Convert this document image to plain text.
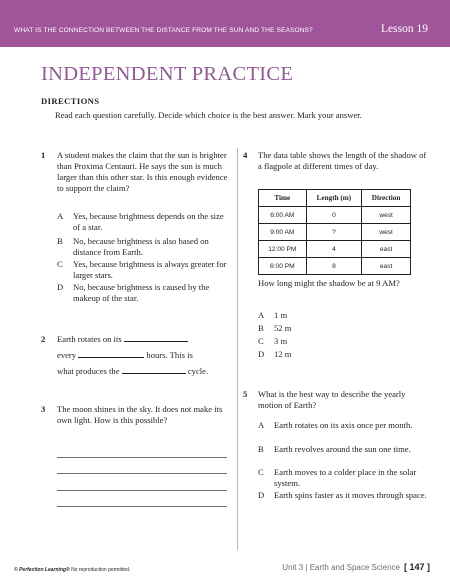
WHAT IS THE CONNECTION BETWEEN THE DISTANCE FROM THE SUN AND THE SEASONS?	Lesson 19
INDEPENDENT PRACTICE
DIRECTIONS
Read each question carefully. Decide which choice is the best answer. Mark your answer.
1 A student makes the claim that the sun is brighter than Proxima Centauri. He says the sun is much larger than this other star. Is this enough evidence to support the claim?
A	Yes, because brightness depends on the size of a star.
B	No, because brightness is also based on distance from Earth.
C	Yes, because brightness is always greater for larger stars.
D	No, because brightness is caused by the makeup of the star.
2 Earth rotates on its
every	hours. This is
what produces the	cycle.
3 The moon shines in the sky. It does not make its own light. How is this possible?
4 The data table shows the length of the shadow of a flagpole at different times of day.
Time	Length (m)	Direction
6:00 AM	0	west
9:00 AM	?	west
12:00 PM	4	east
6:00 PM	8	east
How long might the shadow be at 9 AM?
A	1 m
B	52 m
C	3 m
D	12 m
5 What is the best way to describe the yearly motion of Earth?
A	Earth rotates on its axis once per month.
B	Earth revolves around the sun one time.
C	Earth moves to a colder place in the solar system.
D	Earth spins faster as it moves through space.
© Perfection Learning® No reproduction permitted.	Unit 3 | Earth and Space Science [ 147 ]
